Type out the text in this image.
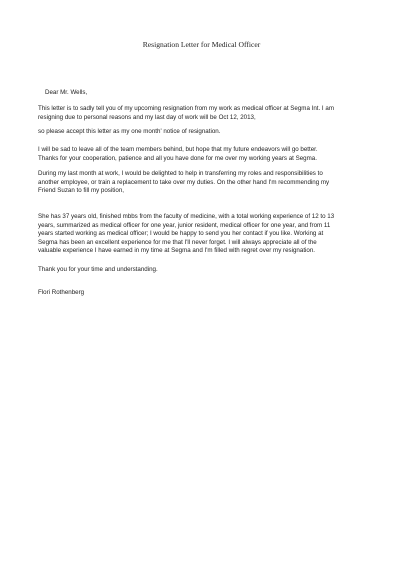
Resignation Letter for Medical Officer
Dear Mr. Wells,
This letter is to sadly tell you of my upcoming resignation from my work as medical officer at Segma Int. I am
resigning due to personal reasons and my last day of work will be Oct 12, 2013,
so please accept this letter as my one month' notice of resignation.
I will be sad to leave all of the team members behind, but hope that my future endeavors will go better.
Thanks for your cooperation, patience and all you have done for me over my working years at Segma.
During my last month at work, I would be delighted to help in transferring my roles and responsibilities to
another employee, or train a replacement to take over my duties. On the other hand I'm recommending my
Friend Suzan to fill my position,
She has 37 years old, finished mbbs from the faculty of medicine, with a total working experience of 12 to 13
years, summarized as medical officer for one year, junior resident, medical officer for one year, and from 11
years started working as medical officer; I would be happy to send you her contact if you like. Working at
Segma has been an excellent experience for me that I'll never forget. I will always appreciate all of the
valuable experience I have earned in my time at Segma and I'm filled with regret over my resignation.
Thank you for your time and understanding.
Flori Rothenberg
